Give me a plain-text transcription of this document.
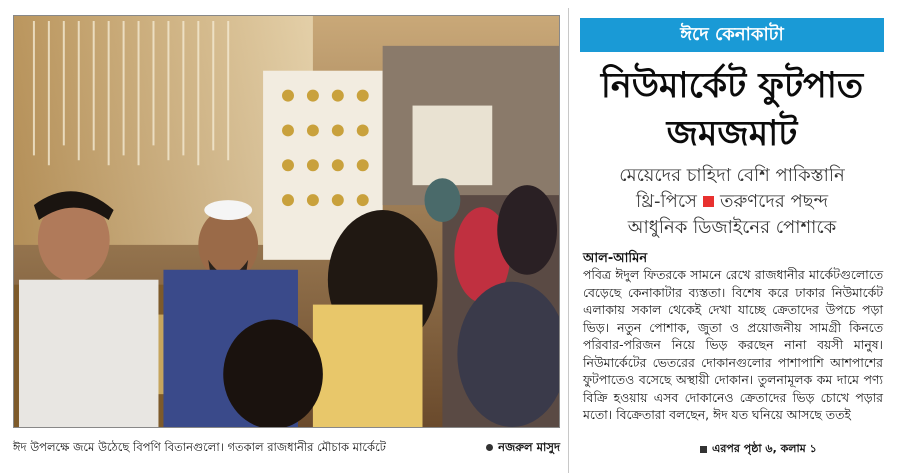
ঈদ উপলক্ষে জমে উঠেছে বিপণি বিতানগুলো। গতকাল রাজধানীর মৌচাক মার্কেটে	নজরুল মাসুদ
ঈদে কেনাকাটা
নিউমার্কেট ফুটপাত
জমজমাট
মেয়েদের চাহিদা বেশি পাকিস্তানি
থ্রি-পিসে তরুণদের পছন্দ
আধুনিক ডিজাইনের পোশাকে
আল-আমিন
পবিত্র ঈদুল ফিতরকে সামনে রেখে রাজধানীর মার্কেটগুলোতে বেড়েছে কেনাকাটার ব্যস্ততা। বিশেষ করে ঢাকার নিউমার্কেট এলাকায় সকাল থেকেই দেখা যাচ্ছে ক্রেতাদের উপচে পড়া ভিড়। নতুন পোশাক, জুতা ও প্রয়োজনীয় সামগ্রী কিনতে পরিবার-পরিজন নিয়ে ভিড় করছেন নানা বয়সী মানুষ। নিউমার্কেটের ভেতরের দোকানগুলোর পাশাপাশি আশপাশের ফুটপাতেও বসেছে অস্থায়ী দোকান। তুলনামূলক কম দামে পণ্য বিক্রি হওয়ায় এসব দোকানেও ক্রেতাদের ভিড় চোখে পড়ার মতো। বিক্রেতারা বলছেন, ঈদ যত ঘনিয়ে আসছে ততই
এরপর পৃষ্ঠা ৬, কলাম ১
